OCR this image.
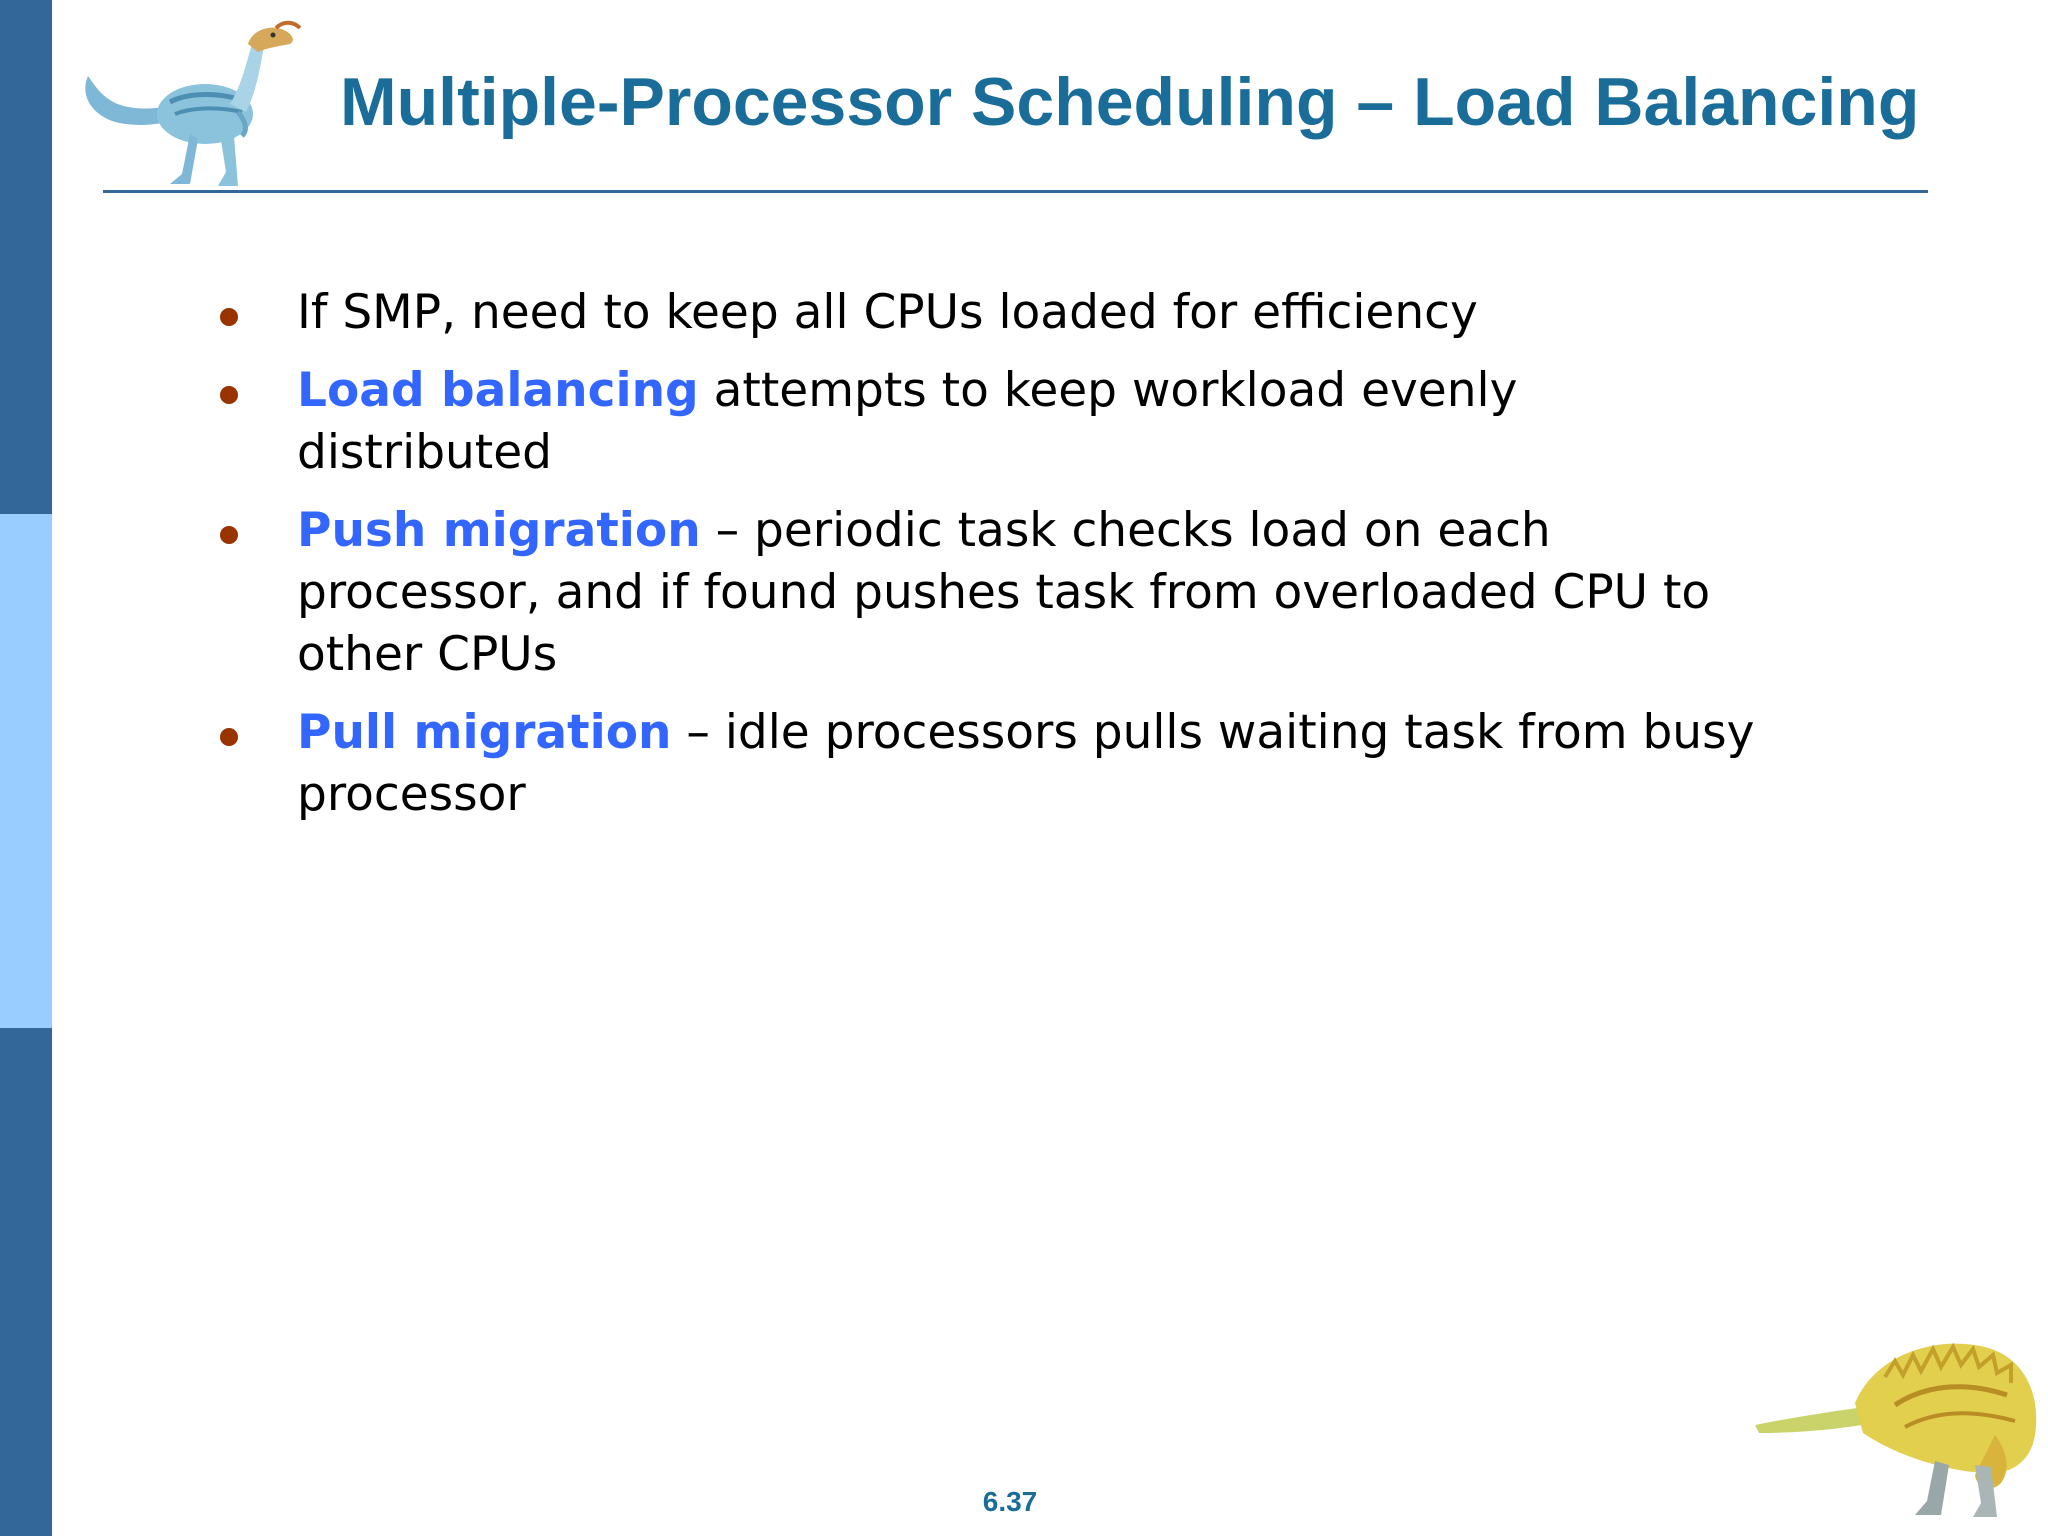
Multiple-Processor Scheduling – Load Balancing
If SMP, need to keep all CPUs loaded for efficiency
Load balancing attempts to keep workload evenly distributed
Push migration – periodic task checks load on each processor, and if found pushes task from overloaded CPU to other CPUs
Pull migration – idle processors pulls waiting task from busy processor
6.37
